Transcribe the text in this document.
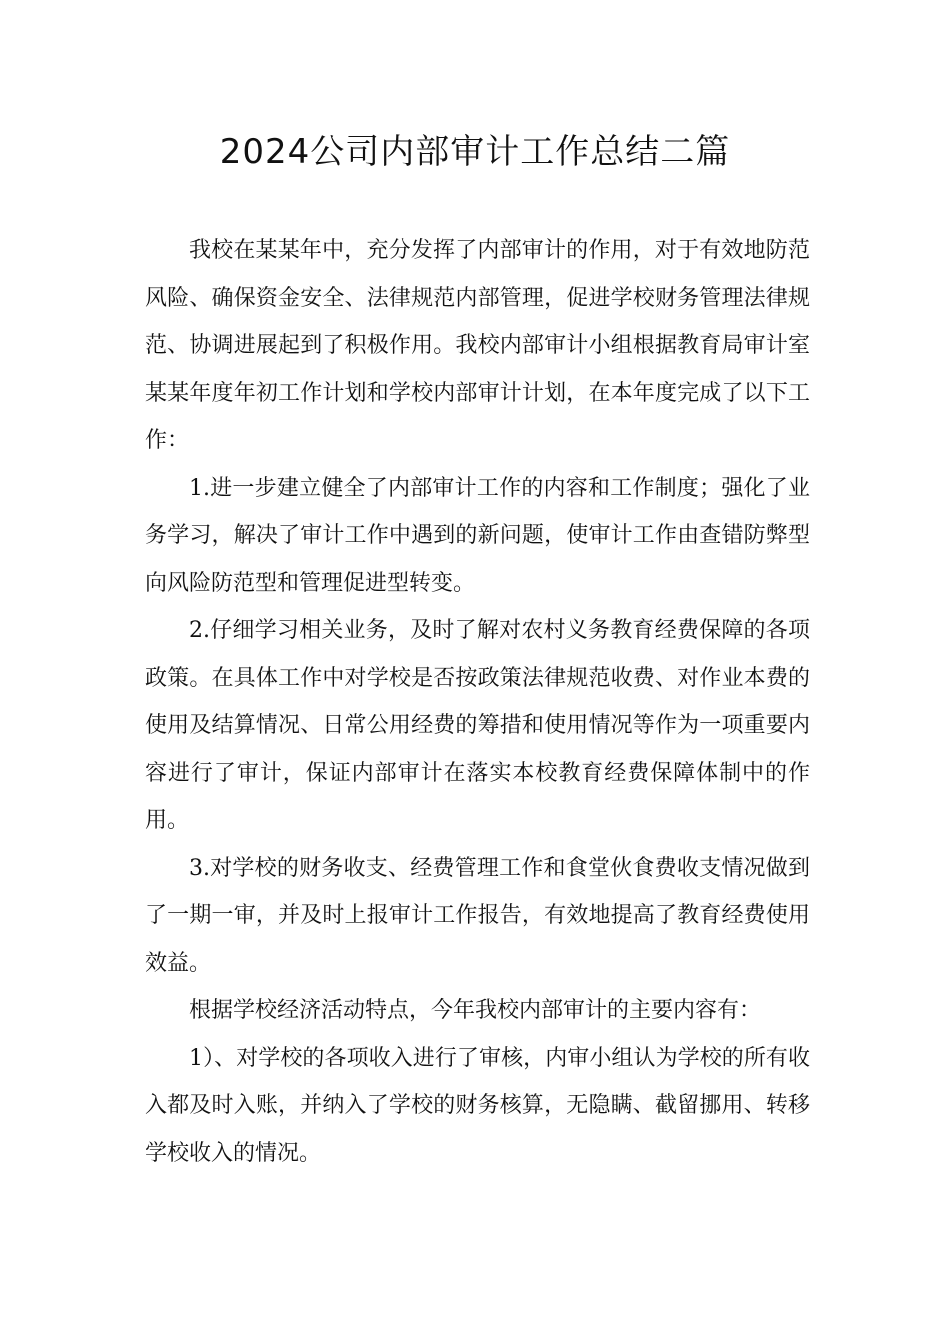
2024公司内部审计工作总结二篇

我校在某某年中，充分发挥了内部审计的作用，对于有效地防范风险、确保资金安全、法律规范内部管理，促进学校财务管理法律规范、协调进展起到了积极作用。我校内部审计小组根据教育局审计室某某年度年初工作计划和学校内部审计计划，在本年度完成了以下工作：

1.进一步建立健全了内部审计工作的内容和工作制度；强化了业务学习，解决了审计工作中遇到的新问题，使审计工作由查错防弊型向风险防范型和管理促进型转变。

2.仔细学习相关业务，及时了解对农村义务教育经费保障的各项政策。在具体工作中对学校是否按政策法律规范收费、对作业本费的使用及结算情况、日常公用经费的筹措和使用情况等作为一项重要内容进行了审计，保证内部审计在落实本校教育经费保障体制中的作用。

3.对学校的财务收支、经费管理工作和食堂伙食费收支情况做到了一期一审，并及时上报审计工作报告，有效地提高了教育经费使用效益。

根据学校经济活动特点，今年我校内部审计的主要内容有：

1）、对学校的各项收入进行了审核，内审小组认为学校的所有收入都及时入账，并纳入了学校的财务核算，无隐瞒、截留挪用、转移学校收入的情况。
